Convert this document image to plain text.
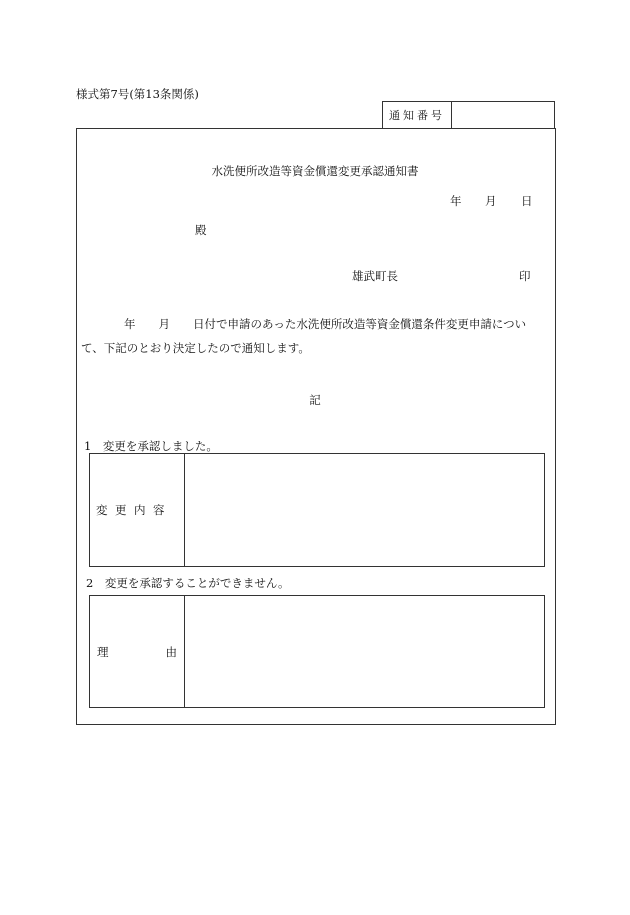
様式第7号(第13条関係)
通知番号
水洗便所改造等資金償還変更承認通知書
年 月 日
殿
雄武町長	印
年　　月　　日付で申請のあった水洗便所改造等資金償還条件変更申請につい
て、下記のとおり決定したので通知します。
記
1　変更を承認しました。
変更内容
2　変更を承認することができません。
理	由
